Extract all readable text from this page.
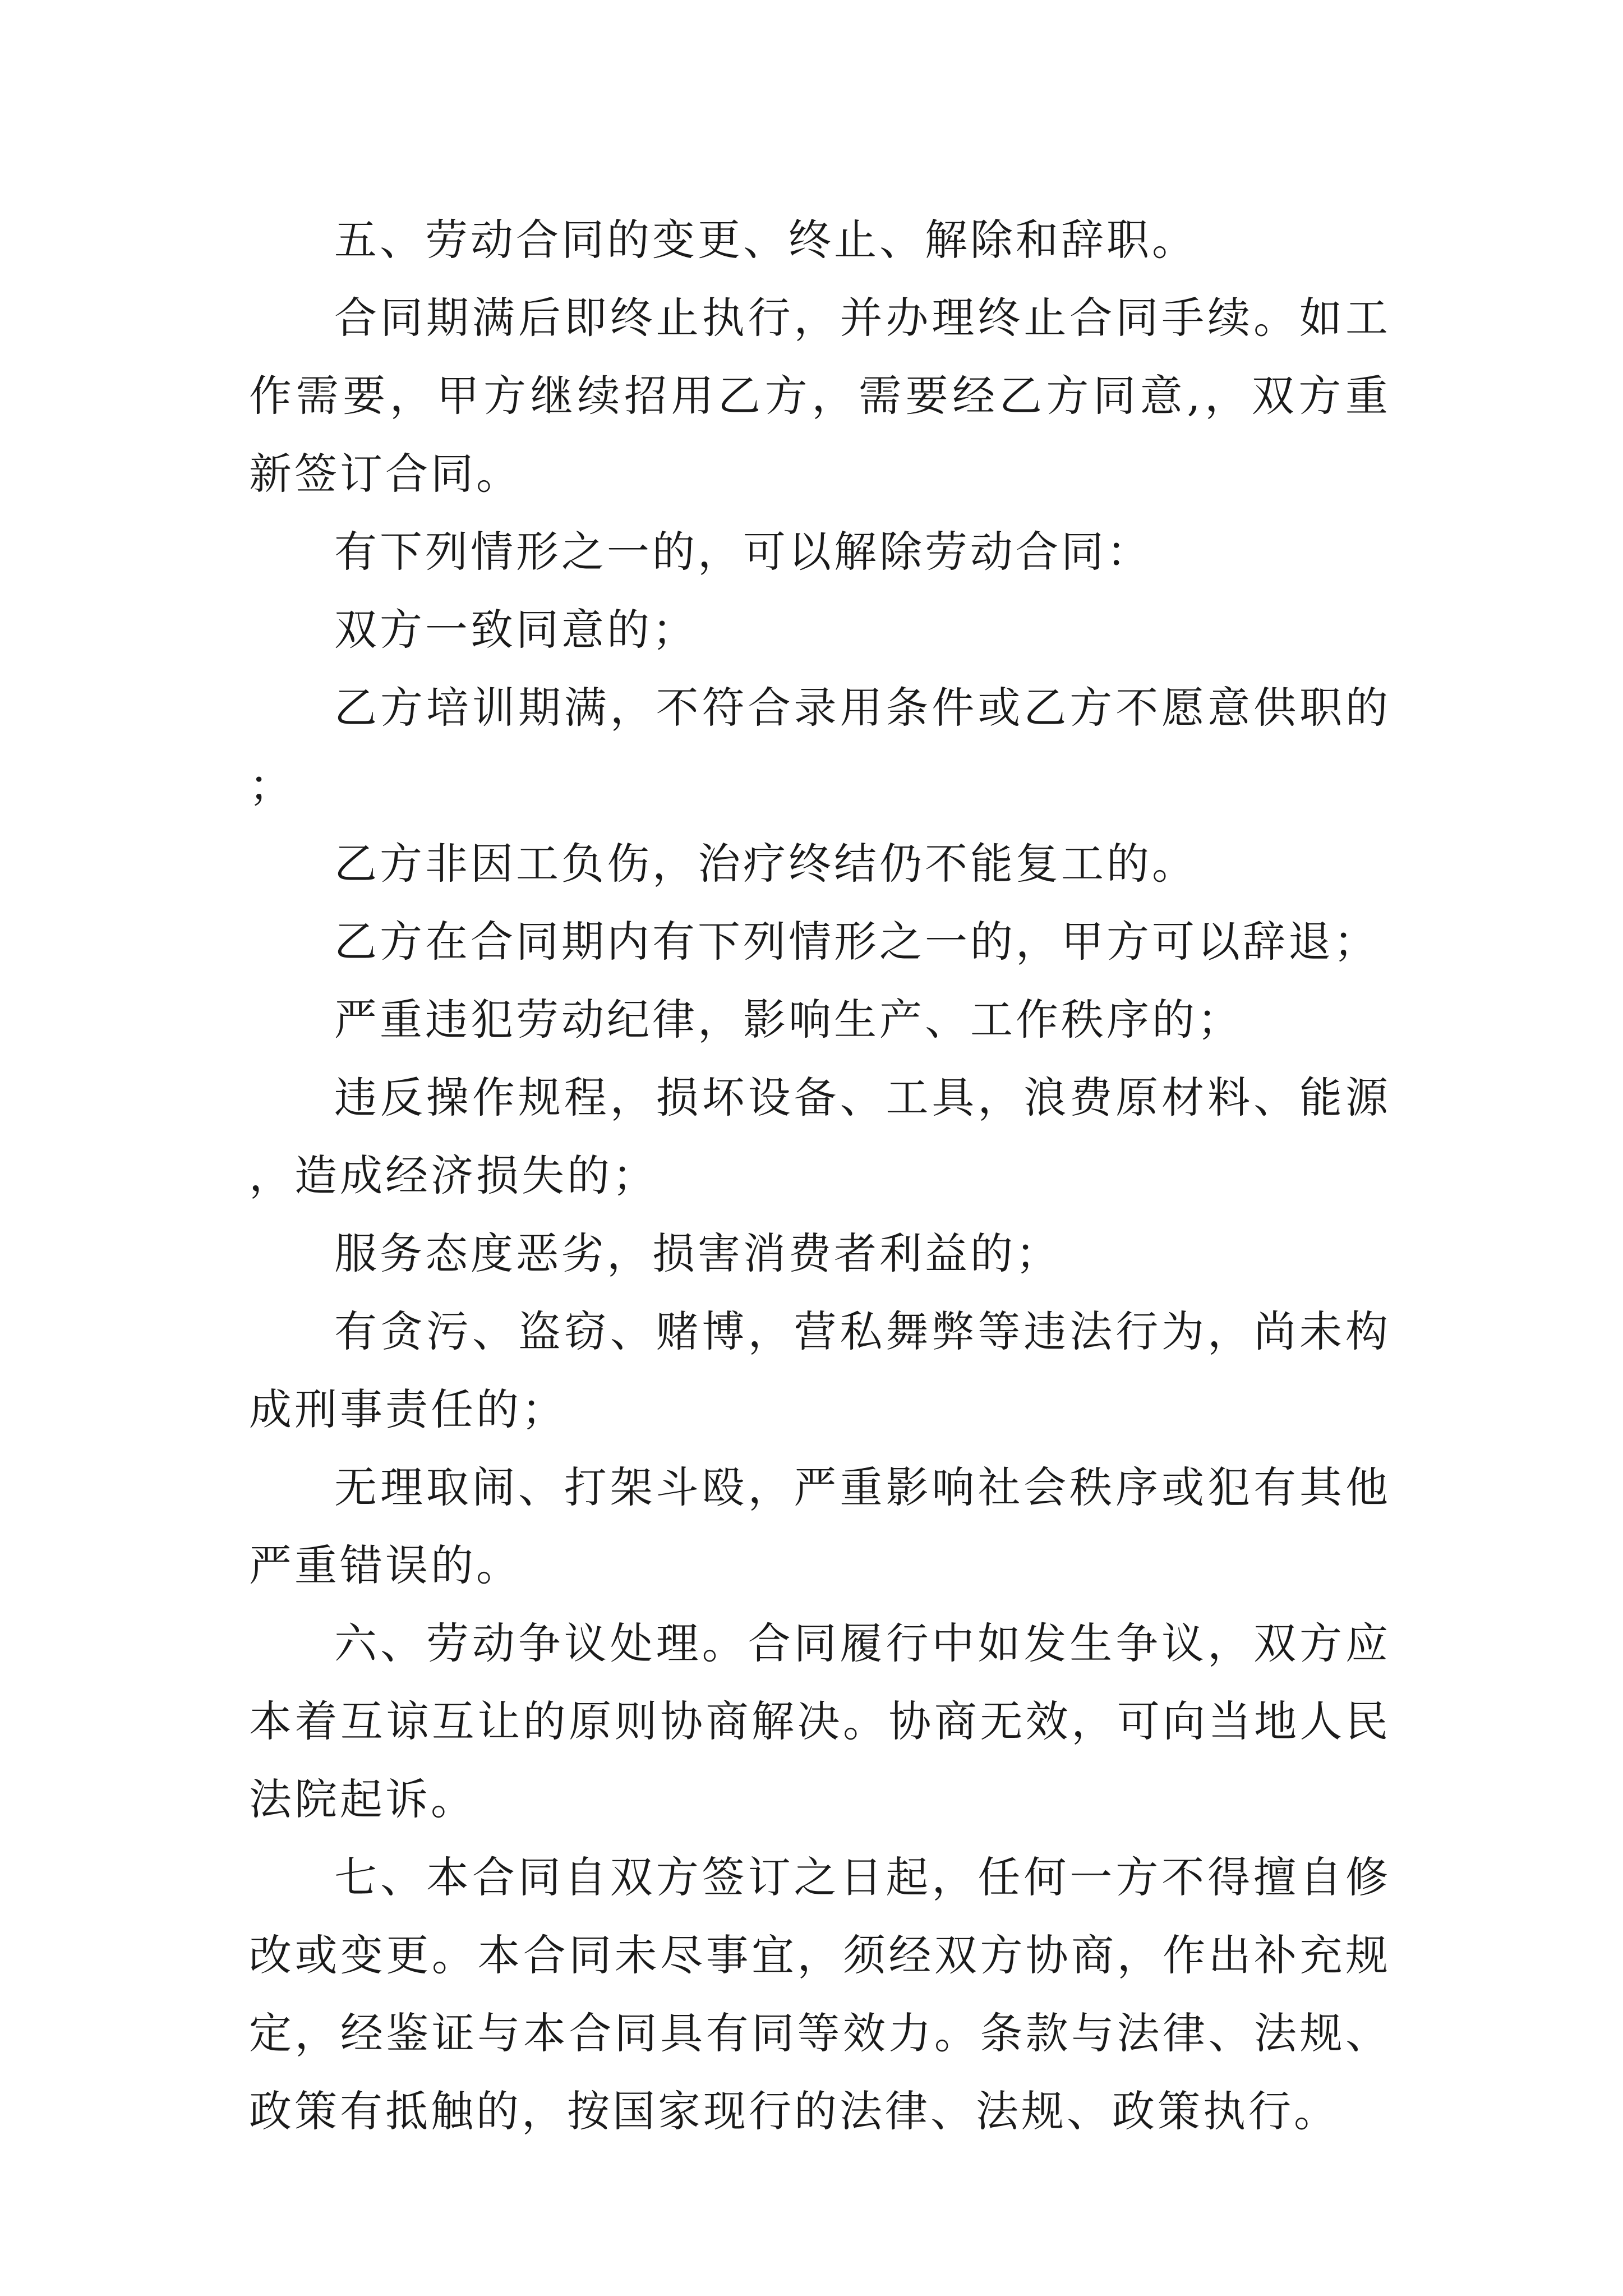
五、劳动合同的变更、终止、解除和辞职。

合同期满后即终止执行，并办理终止合同手续。如工作需要，甲方继续招用乙方，需要经乙方同意,，双方重新签订合同。

有下列情形之一的，可以解除劳动合同：

双方一致同意的；

乙方培训期满，不符合录用条件或乙方不愿意供职的；

乙方非因工负伤，治疗终结仍不能复工的。

乙方在合同期内有下列情形之一的，甲方可以辞退；

严重违犯劳动纪律，影响生产、工作秩序的；

违反操作规程，损坏设备、工具，浪费原材料、能源，造成经济损失的；

服务态度恶劣，损害消费者利益的；

有贪污、盗窃、赌博，营私舞弊等违法行为，尚未构成刑事责任的；

无理取闹、打架斗殴，严重影响社会秩序或犯有其他严重错误的。

六、劳动争议处理。合同履行中如发生争议，双方应本着互谅互让的原则协商解决。协商无效，可向当地人民法院起诉。

七、本合同自双方签订之日起，任何一方不得擅自修改或变更。本合同未尽事宜，须经双方协商，作出补充规定，经鉴证与本合同具有同等效力。条款与法律、法规、政策有抵触的，按国家现行的法律、法规、政策执行。
